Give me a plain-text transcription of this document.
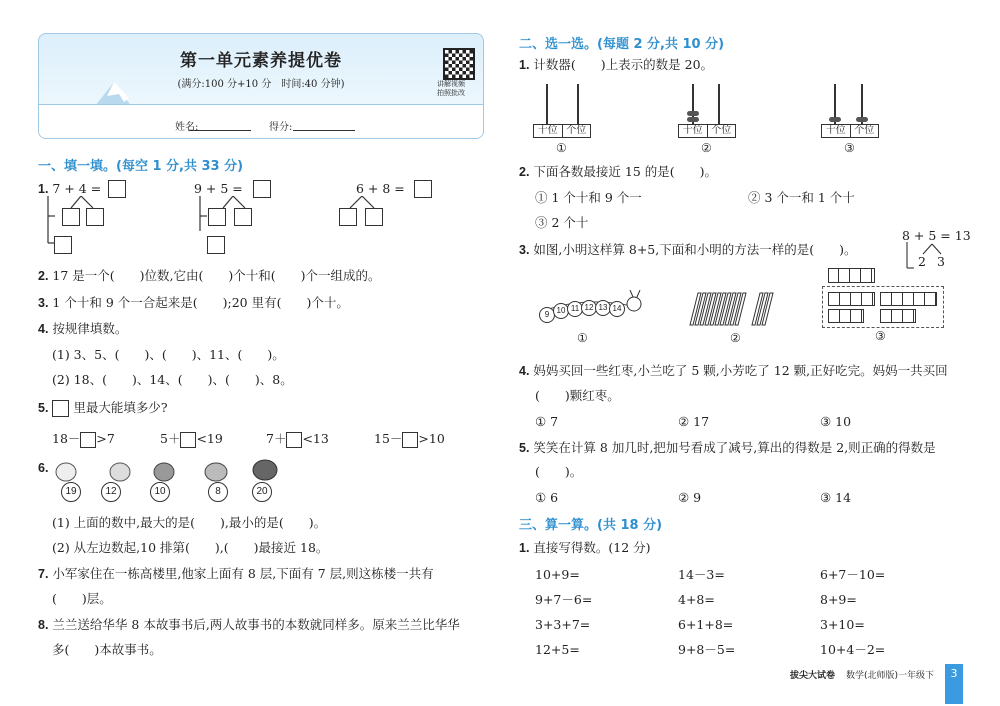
第一单元素养提优卷
(满分:100 分+10 分　时间:40 分钟)	讲解视频
拍照批改
姓名:	得分:
一、填一填。(每空 1 分,共 33 分)
1. 7 + 4 =	9 + 5 =	6 + 8 =
2. 17 是一个(　　)位数,它由(　　)个十和(　　)个一组成的。
3. 1 个十和 9 个一合起来是(　　);20 里有(　　)个十。
4. 按规律填数。
(1) 3、5、(　　)、(　　)、11、(　　)。
(2) 18、(　　)、14、(　　)、(　　)、8。
5. 里最大能填多少?
18－ >7	5＋ <19	7＋ <13	15－ >10
6.
19	12	10	8	20
(1) 上面的数中,最大的是(　　),最小的是(　　)。
(2) 从左边数起,10 排第(　　),(　　)最接近 18。
7. 小军家住在一栋高楼里,他家上面有 8 层,下面有 7 层,则这栋楼一共有
(　　)层。
8. 兰兰送给华华 8 本故事书后,两人故事书的本数就同样多。原来兰兰比华华
多(　　)本故事书。
二、选一选。(每题 2 分,共 10 分)
1. 计数器(　　)上表示的数是 20。
十位 个位
①
十位 个位
②
十位 个位
③
2. 下面各数最接近 15 的是(　　)。
① 1 个十和 9 个一	② 3 个一和 1 个十
③ 2 个十
3. 如图,小明这样算 8+5,下面和小明的方法一样的是(　　)。
8 + 5 = 13
2 3
9 10 11 12 13 14
①	②	③
4. 妈妈买回一些红枣,小兰吃了 5 颗,小芳吃了 12 颗,正好吃完。妈妈一共买回
(　　)颗红枣。
① 7	② 17	③ 10
5. 笑笑在计算 8 加几时,把加号看成了减号,算出的得数是 2,则正确的得数是
(　　)。
① 6	② 9	③ 14
三、算一算。(共 18 分)
1. 直接写得数。(12 分)
10+9=	14－3=	6+7－10=
9+7－6=	4+8=	8+9=
3+3+7=	6+1+8=	3+10=
12+5=	9+8－5=	10+4－2=
拔尖大试卷 数学(北师版)一年级下	3
